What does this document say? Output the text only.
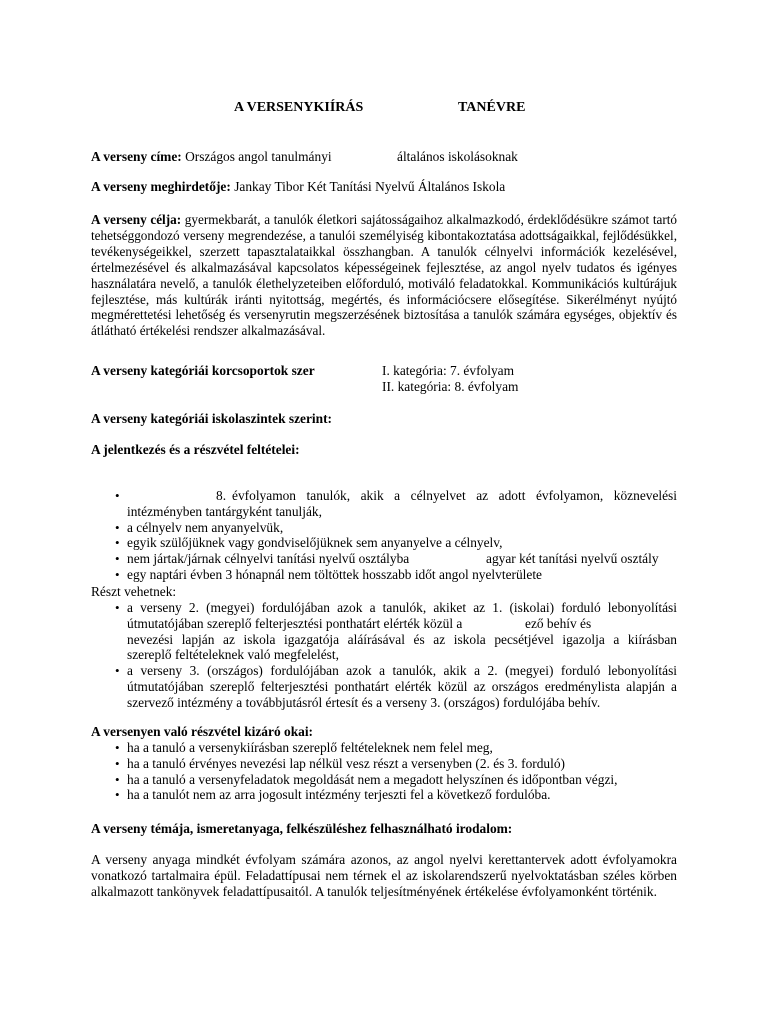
A VERSENYKIÍRÁS	TANÉVRE
A verseny címe: Országos angol tanulmányi	általános iskolásoknak
A verseny meghirdetője: Jankay Tibor Két Tanítási Nyelvű Általános Iskola
A verseny célja: gyermekbarát, a tanulók életkori sajátosságaihoz alkalmazkodó, érdeklődésükre számot tartó tehetséggondozó verseny megrendezése, a tanulói személyiség kibontakoztatása adottságaikkal, fejlődésükkel, tevékenységeikkel, szerzett tapasztalataikkal összhangban. A tanulók célnyelvi információk kezelésével, értelmezésével és alkalmazásával kapcsolatos képességeinek fejlesztése, az angol nyelv tudatos és igényes használatára nevelő, a tanulók élethelyzeteiben előforduló, motiváló feladatokkal. Kommunikációs kultúrájuk fejlesztése, más kultúrák iránti nyitottság, megértés, és információcsere elősegítése. Sikerélményt nyújtó megmérettetési lehetőség és versenyrutin megszerzésének biztosítása a tanulók számára egységes, objektív és átlátható értékelési rendszer alkalmazásával.
A verseny kategóriái korcsoportok szer	I. kategória: 7. évfolyam
II. kategória: 8. évfolyam
A verseny kategóriái iskolaszintek szerint:
A jelentkezés és a részvétel feltételei:
•	8. évfolyamon tanulók, akik a célnyelvet az adott évfolyamon, köznevelési
intézményben tantárgyként tanulják,
• a célnyelv nem anyanyelvük,
• egyik szülőjüknek vagy gondviselőjüknek sem anyanyelve a célnyelv,
• nem jártak/járnak célnyelvi tanítási nyelvű osztályba	agyar két tanítási nyelvű osztály
• egy naptári évben 3 hónapnál nem töltöttek hosszabb időt angol nyelvterülete
Részt vehetnek:
• a verseny 2. (megyei) fordulójában azok a tanulók, akiket az 1. (iskolai) forduló lebonyolítási
útmutatójában szereplő felterjesztési ponthatárt elérték közül a	ező behív és
nevezési lapján az iskola igazgatója aláírásával és az iskola pecsétjével igazolja a kiírásban
szereplő feltételeknek való megfelelést,
• a verseny 3. (országos) fordulójában azok a tanulók, akik a 2. (megyei) forduló lebonyolítási útmutatójában szereplő felterjesztési ponthatárt elérték közül az országos eredménylista alapján a szervező intézmény a továbbjutásról értesít és a verseny 3. (országos) fordulójába behív.
A versenyen való részvétel kizáró okai:
• ha a tanuló a versenykiírásban szereplő feltételeknek nem felel meg,
• ha a tanuló érvényes nevezési lap nélkül vesz részt a versenyben (2. és 3. forduló)
• ha a tanuló a versenyfeladatok megoldását nem a megadott helyszínen és időpontban végzi,
• ha a tanulót nem az arra jogosult intézmény terjeszti fel a következő fordulóba.
A verseny témája, ismeretanyaga, felkészüléshez felhasználható irodalom:
A verseny anyaga mindkét évfolyam számára azonos, az angol nyelvi kerettantervek adott évfolyamokra vonatkozó tartalmaira épül. Feladattípusai nem térnek el az iskolarendszerű nyelvoktatásban széles körben alkalmazott tankönyvek feladattípusaitól. A tanulók teljesítményének értékelése évfolyamonként történik.
